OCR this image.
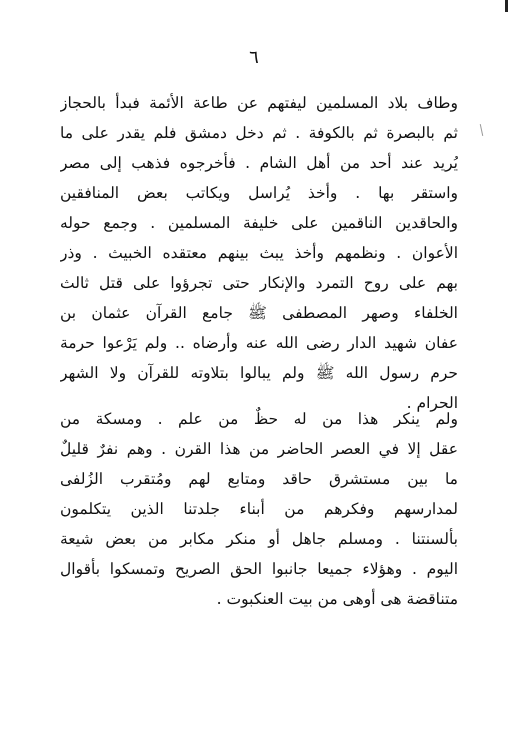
٦
وطاف بلاد المسلمين ليفتهم عن طاعة الأئمة فبدأ بالحجاز
ثم بالبصرة ثم بالكوفة . ثم دخل دمشق فلم يقدر على ما
يُريد عند أحد من أهل الشام . فأخرجوه فذهب إلى مصر
واستقر بها . وأخذ يُراسل ويكاتب بعض المنافقين
والحاقدين الناقمين على خليفة المسلمين . وجمع حوله
الأعوان . ونظمهم وأخذ يبث بينهم معتقده الخبيث . وذر
بهم على روح التمرد والإنكار حتى تجرؤوا على قتل ثالث
الخلفاء وصهر المصطفى ﷺ جامع القرآن عثمان بن
عفان شهيد الدار رضى الله عنه وأرضاه .. ولم يَرْعوا حرمة
حرم رسول الله ﷺ ولم يبالوا بتلاوته للقرآن ولا الشهر
الحرام .
ولم ينكر هذا من له حظٌ من علم . ومسكة من
عقل إلا في العصر الحاضر من هذا القرن . وهم نفرٌ قليلٌ
ما بين مستشرق حاقد ومتابع لهم ومُتقرب الزُلفى
لمدارسهم وفكرهم من أبناء جلدتنا الذين يتكلمون
بألسنتنا . ومسلم جاهل أو منكر مكابر من بعض شيعة
اليوم . وهؤلاء جميعا جانبوا الحق الصريح وتمسكوا بأقوال
متناقضة هى أوهى من بيت العنكبوت .
